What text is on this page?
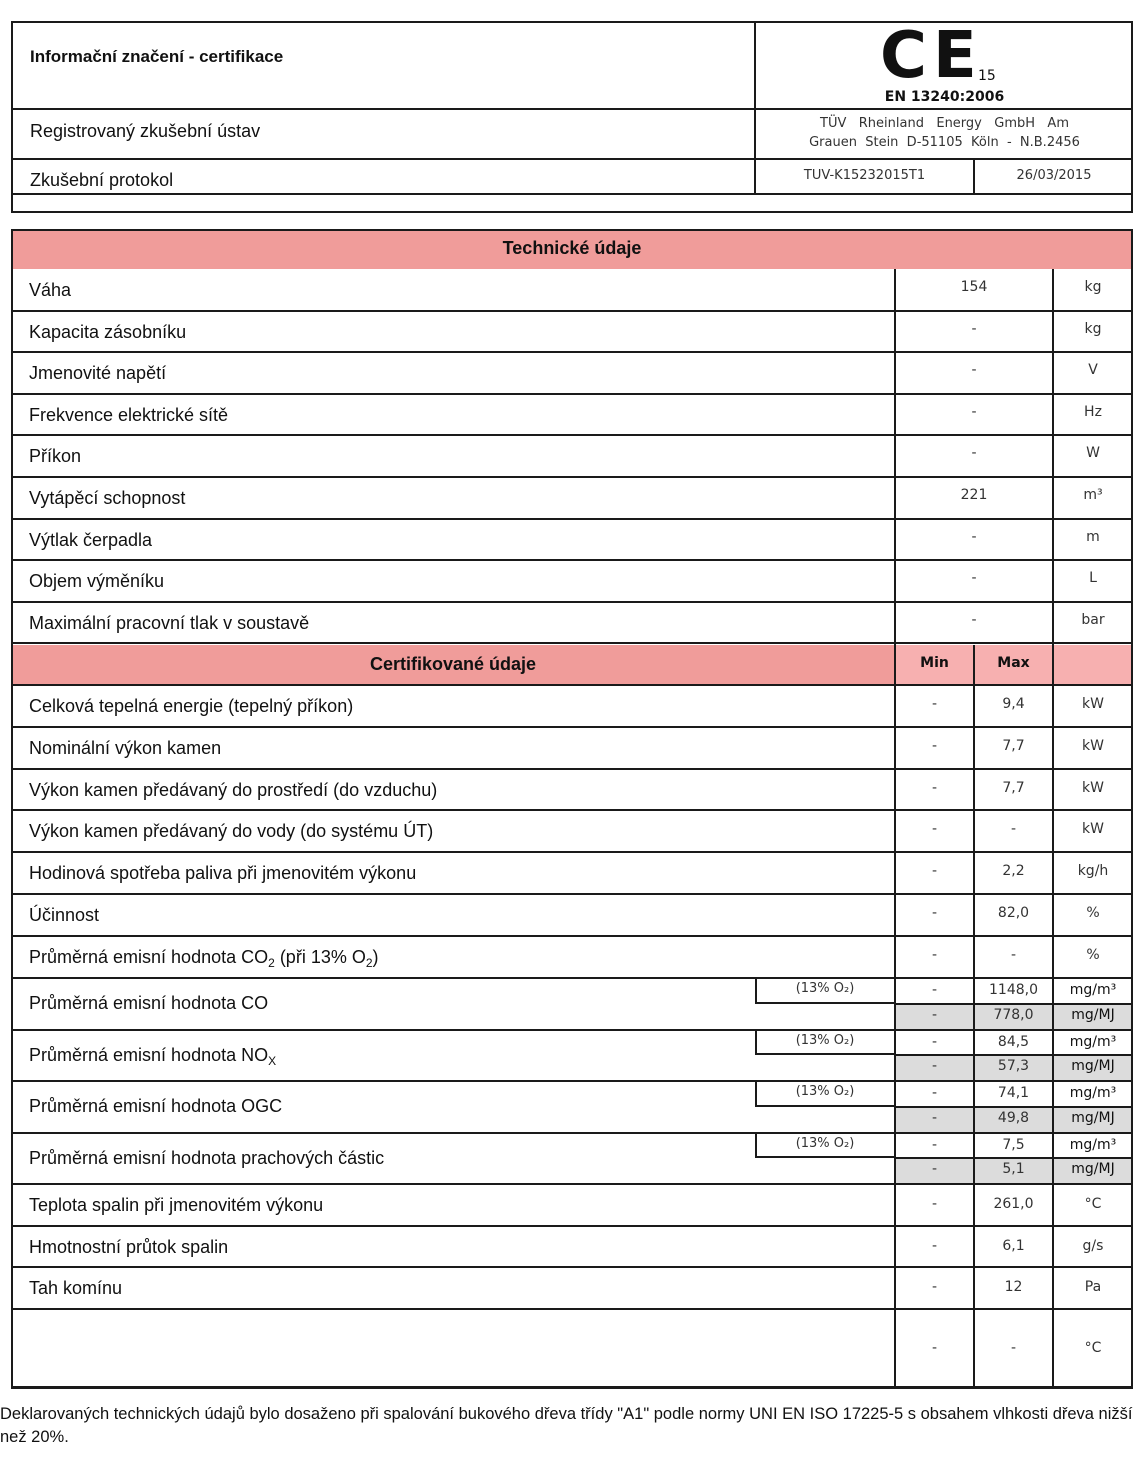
Informační značení - certifikace
Registrovaný zkušební ústav
Zkušební protokol
CE
15
EN 13240:2006
TÜV   Rheinland   Energy   GmbH   Am
Grauen  Stein  D-51105  Köln  -  N.B.2456
TUV-K15232015T1	26/03/2015
Technické údaje
Váha	154	kg
Kapacita zásobníku	-	kg
Jmenovité napětí	-	V
Frekvence elektrické sítě	-	Hz
Příkon	-	W
Vytápěcí schopnost	221	m³
Výtlak čerpadla	-	m
Objem výměníku	-	L
Maximální pracovní tlak v soustavě	-	bar
Certifikované údaje	Min	Max
Celková tepelná energie (tepelný příkon)	-	9,4	kW
Nominální výkon kamen	-	7,7	kW
Výkon kamen předávaný do prostředí (do vzduchu)	-	7,7	kW
Výkon kamen předávaný do vody (do systému ÚT)	-	-	kW
Hodinová spotřeba paliva při jmenovitém výkonu	-	2,2	kg/h
Účinnost	-	82,0	%
Průměrná emisní hodnota $CO_2$ (při 13% $O_2$)	-	-	%
Průměrná emisní hodnota CO
(13% O₂)	-	1148,0	mg/m³
-	778,0	mg/MJ
Průměrná emisní hodnota $NO_X$
(13% O₂)	-	84,5	mg/m³
-	57,3	mg/MJ
Průměrná emisní hodnota OGC
(13% O₂)	-	74,1	mg/m³
-	49,8	mg/MJ
Průměrná emisní hodnota prachových částic
(13% O₂)	-	7,5	mg/m³
-	5,1	mg/MJ
Teplota spalin při jmenovitém výkonu	-	261,0	°C
Hmotnostní průtok spalin	-	6,1	g/s
Tah komínu	-	12	Pa
-	-	°C
Deklarovaných technických údajů bylo dosaženo při spalování bukového dřeva třídy "A1" podle normy UNI EN ISO 17225-5 s obsahem vlhkosti dřeva nižší než 20%.
